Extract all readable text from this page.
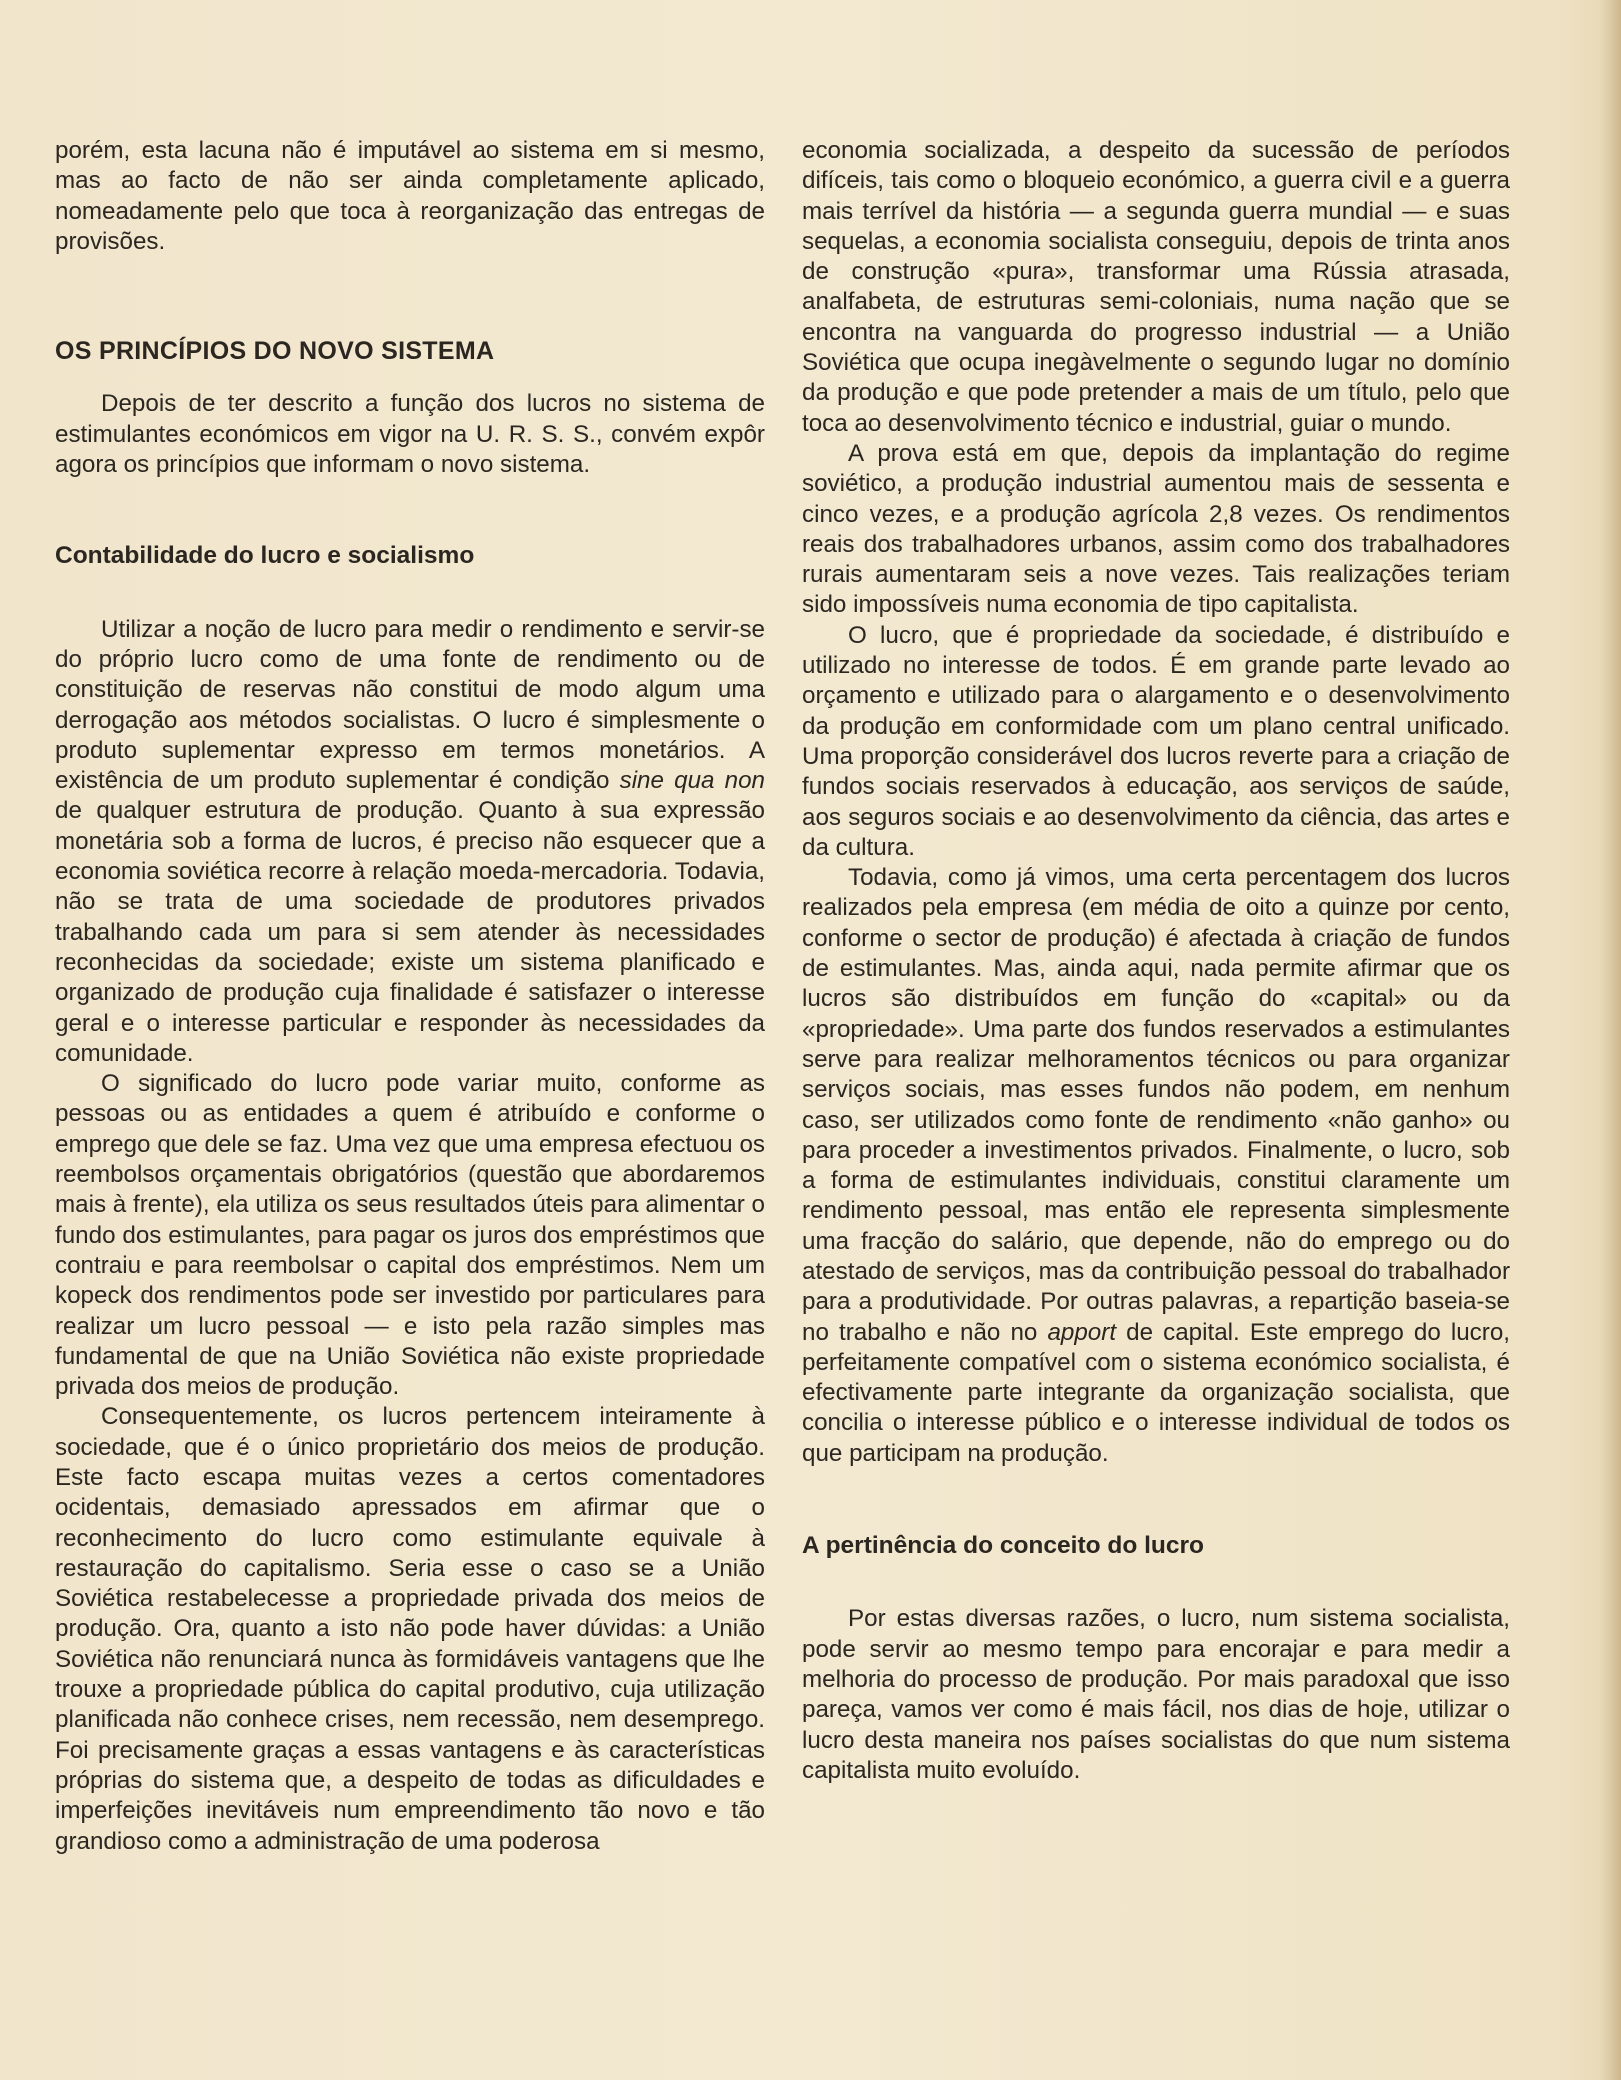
porém, esta lacuna não é imputável ao sistema em si mesmo, mas ao facto de não ser ainda completamente aplicado, nomeadamente pelo que toca à reorganização das entregas de provisões.

OS PRINCÍPIOS DO NOVO SISTEMA

Depois de ter descrito a função dos lucros no sistema de estimulantes económicos em vigor na U. R. S. S., convém expôr agora os princípios que informam o novo sistema.

Contabilidade do lucro e socialismo

Utilizar a noção de lucro para medir o rendimento e servir-se do próprio lucro como de uma fonte de rendimento ou de constituição de reservas não constitui de modo algum uma derrogação aos métodos socialistas. O lucro é simplesmente o produto suplementar expresso em termos monetários. A existência de um produto suplementar é condição sine qua non de qualquer estrutura de produção. Quanto à sua expressão monetária sob a forma de lucros, é preciso não esquecer que a economia soviética recorre à relação moeda-mercadoria. Todavia, não se trata de uma sociedade de produtores privados trabalhando cada um para si sem atender às necessidades reconhecidas da sociedade; existe um sistema planificado e organizado de produção cuja finalidade é satisfazer o interesse geral e o interesse particular e responder às necessidades da comunidade.

O significado do lucro pode variar muito, conforme as pessoas ou as entidades a quem é atribuído e conforme o emprego que dele se faz. Uma vez que uma empresa efectuou os reembolsos orçamentais obrigatórios (questão que abordaremos mais à frente), ela utiliza os seus resultados úteis para alimentar o fundo dos estimulantes, para pagar os juros dos empréstimos que contraiu e para reembolsar o capital dos empréstimos. Nem um kopeck dos rendimentos pode ser investido por particulares para realizar um lucro pessoal — e isto pela razão simples mas fundamental de que na União Soviética não existe propriedade privada dos meios de produção.

Consequentemente, os lucros pertencem inteiramente à sociedade, que é o único proprietário dos meios de produção. Este facto escapa muitas vezes a certos comentadores ocidentais, demasiado apressados em afirmar que o reconhecimento do lucro como estimulante equivale à restauração do capitalismo. Seria esse o caso se a União Soviética restabelecesse a propriedade privada dos meios de produção. Ora, quanto a isto não pode haver dúvidas: a União Soviética não renunciará nunca às formidáveis vantagens que lhe trouxe a propriedade pública do capital produtivo, cuja utilização planificada não conhece crises, nem recessão, nem desemprego. Foi precisamente graças a essas vantagens e às características próprias do sistema que, a despeito de todas as dificuldades e imperfeições inevitáveis num empreendimento tão novo e tão grandioso como a administração de uma poderosa

economia socializada, a despeito da sucessão de períodos difíceis, tais como o bloqueio económico, a guerra civil e a guerra mais terrível da história — a segunda guerra mundial — e suas sequelas, a economia socialista conseguiu, depois de trinta anos de construção «pura», transformar uma Rússia atrasada, analfabeta, de estruturas semi-coloniais, numa nação que se encontra na vanguarda do progresso industrial — a União Soviética que ocupa inegàvelmente o segundo lugar no domínio da produção e que pode pretender a mais de um título, pelo que toca ao desenvolvimento técnico e industrial, guiar o mundo.

A prova está em que, depois da implantação do regime soviético, a produção industrial aumentou mais de sessenta e cinco vezes, e a produção agrícola 2,8 vezes. Os rendimentos reais dos trabalhadores urbanos, assim como dos trabalhadores rurais aumentaram seis a nove vezes. Tais realizações teriam sido impossíveis numa economia de tipo capitalista.

O lucro, que é propriedade da sociedade, é distribuído e utilizado no interesse de todos. É em grande parte levado ao orçamento e utilizado para o alargamento e o desenvolvimento da produção em conformidade com um plano central unificado. Uma proporção considerável dos lucros reverte para a criação de fundos sociais reservados à educação, aos serviços de saúde, aos seguros sociais e ao desenvolvimento da ciência, das artes e da cultura.

Todavia, como já vimos, uma certa percentagem dos lucros realizados pela empresa (em média de oito a quinze por cento, conforme o sector de produção) é afectada à criação de fundos de estimulantes. Mas, ainda aqui, nada permite afirmar que os lucros são distribuídos em função do «capital» ou da «propriedade». Uma parte dos fundos reservados a estimulantes serve para realizar melhoramentos técnicos ou para organizar serviços sociais, mas esses fundos não podem, em nenhum caso, ser utilizados como fonte de rendimento «não ganho» ou para proceder a investimentos privados. Finalmente, o lucro, sob a forma de estimulantes individuais, constitui claramente um rendimento pessoal, mas então ele representa simplesmente uma fracção do salário, que depende, não do emprego ou do atestado de serviços, mas da contribuição pessoal do trabalhador para a produtividade. Por outras palavras, a repartição baseia-se no trabalho e não no apport de capital. Este emprego do lucro, perfeitamente compatível com o sistema económico socialista, é efectivamente parte integrante da organização socialista, que concilia o interesse público e o interesse individual de todos os que participam na produção.

A pertinência do conceito do lucro

Por estas diversas razões, o lucro, num sistema socialista, pode servir ao mesmo tempo para encorajar e para medir a melhoria do processo de produção. Por mais paradoxal que isso pareça, vamos ver como é mais fácil, nos dias de hoje, utilizar o lucro desta maneira nos países socialistas do que num sistema capitalista muito evoluído.
